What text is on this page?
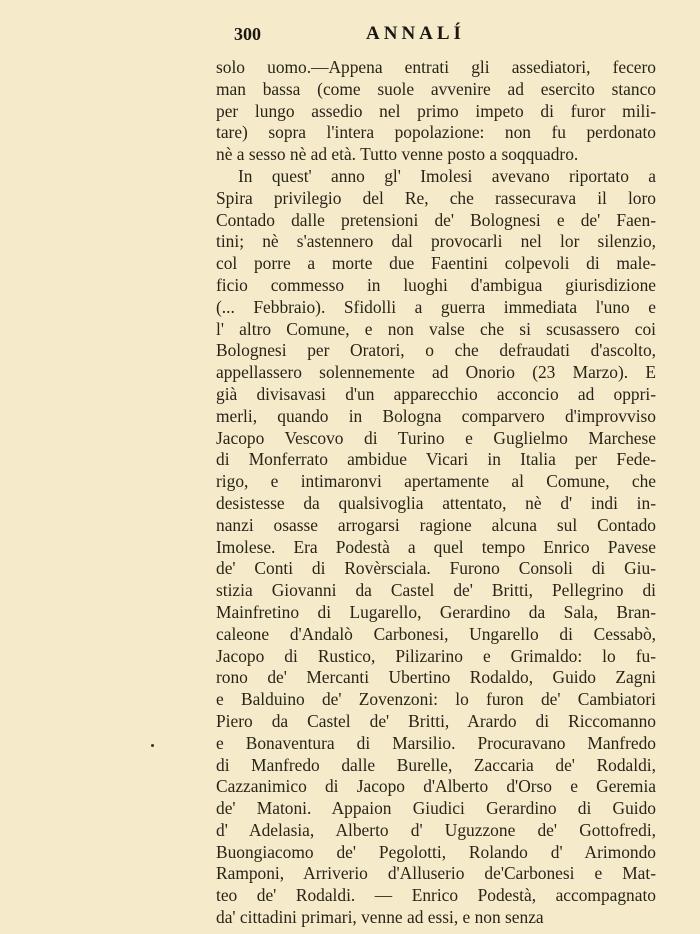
300	ANNALÍ
solo uomo.—Appena entrati gli assediatori, fecero
man bassa (come suole avvenire ad esercito stanco
per lungo assedio nel primo impeto di furor mili-
tare) sopra l'intera popolazione: non fu perdonato
nè a sesso nè ad età. Tutto venne posto a soqquadro.
In quest' anno gl' Imolesi avevano riportato a
Spira privilegio del Re, che rassecurava il loro
Contado dalle pretensioni de' Bolognesi e de' Faen-
tini; nè s'astennero dal provocarli nel lor silenzio,
col porre a morte due Faentini colpevoli di male-
ficio commesso in luoghi d'ambigua giurisdizione
(... Febbraio). Sfidolli a guerra immediata l'uno e
l' altro Comune, e non valse che si scusassero coi
Bolognesi per Oratori, o che defraudati d'ascolto,
appellassero solennemente ad Onorio (23 Marzo). E
già divisavasi d'un apparecchio acconcio ad oppri-
merli, quando in Bologna comparvero d'improvviso
Jacopo Vescovo di Turino e Guglielmo Marchese
di Monferrato ambidue Vicari in Italia per Fede-
rigo, e intimaronvi apertamente al Comune, che
desistesse da qualsivoglia attentato, nè d' indi in-
nanzi osasse arrogarsi ragione alcuna sul Contado
Imolese. Era Podestà a quel tempo Enrico Pavese
de' Conti di Rovèrsciala. Furono Consoli di Giu-
stizia Giovanni da Castel de' Britti, Pellegrino di
Mainfretino di Lugarello, Gerardino da Sala, Bran-
caleone d'Andalò Carbonesi, Ungarello di Cessabò,
Jacopo di Rustico, Pilizarino e Grimaldo: lo fu-
rono de' Mercanti Ubertino Rodaldo, Guido Zagni
e Balduino de' Zovenzoni: lo furon de' Cambiatori
Piero da Castel de' Britti, Arardo di Riccomanno
e Bonaventura di Marsilio. Procuravano Manfredo
di Manfredo dalle Burelle, Zaccaria de' Rodaldi,
Cazzanimico di Jacopo d'Alberto d'Orso e Geremia
de' Matoni. Appaion Giudici Gerardino di Guido
d' Adelasia, Alberto d' Uguzzone de' Gottofredi,
Buongiacomo de' Pegolotti, Rolando d' Arimondo
Ramponi, Arriverio d'Alluserio de'Carbonesi e Mat-
teo de' Rodaldi. — Enrico Podestà, accompagnato
da' cittadini primari, venne ad essi, e non senza
